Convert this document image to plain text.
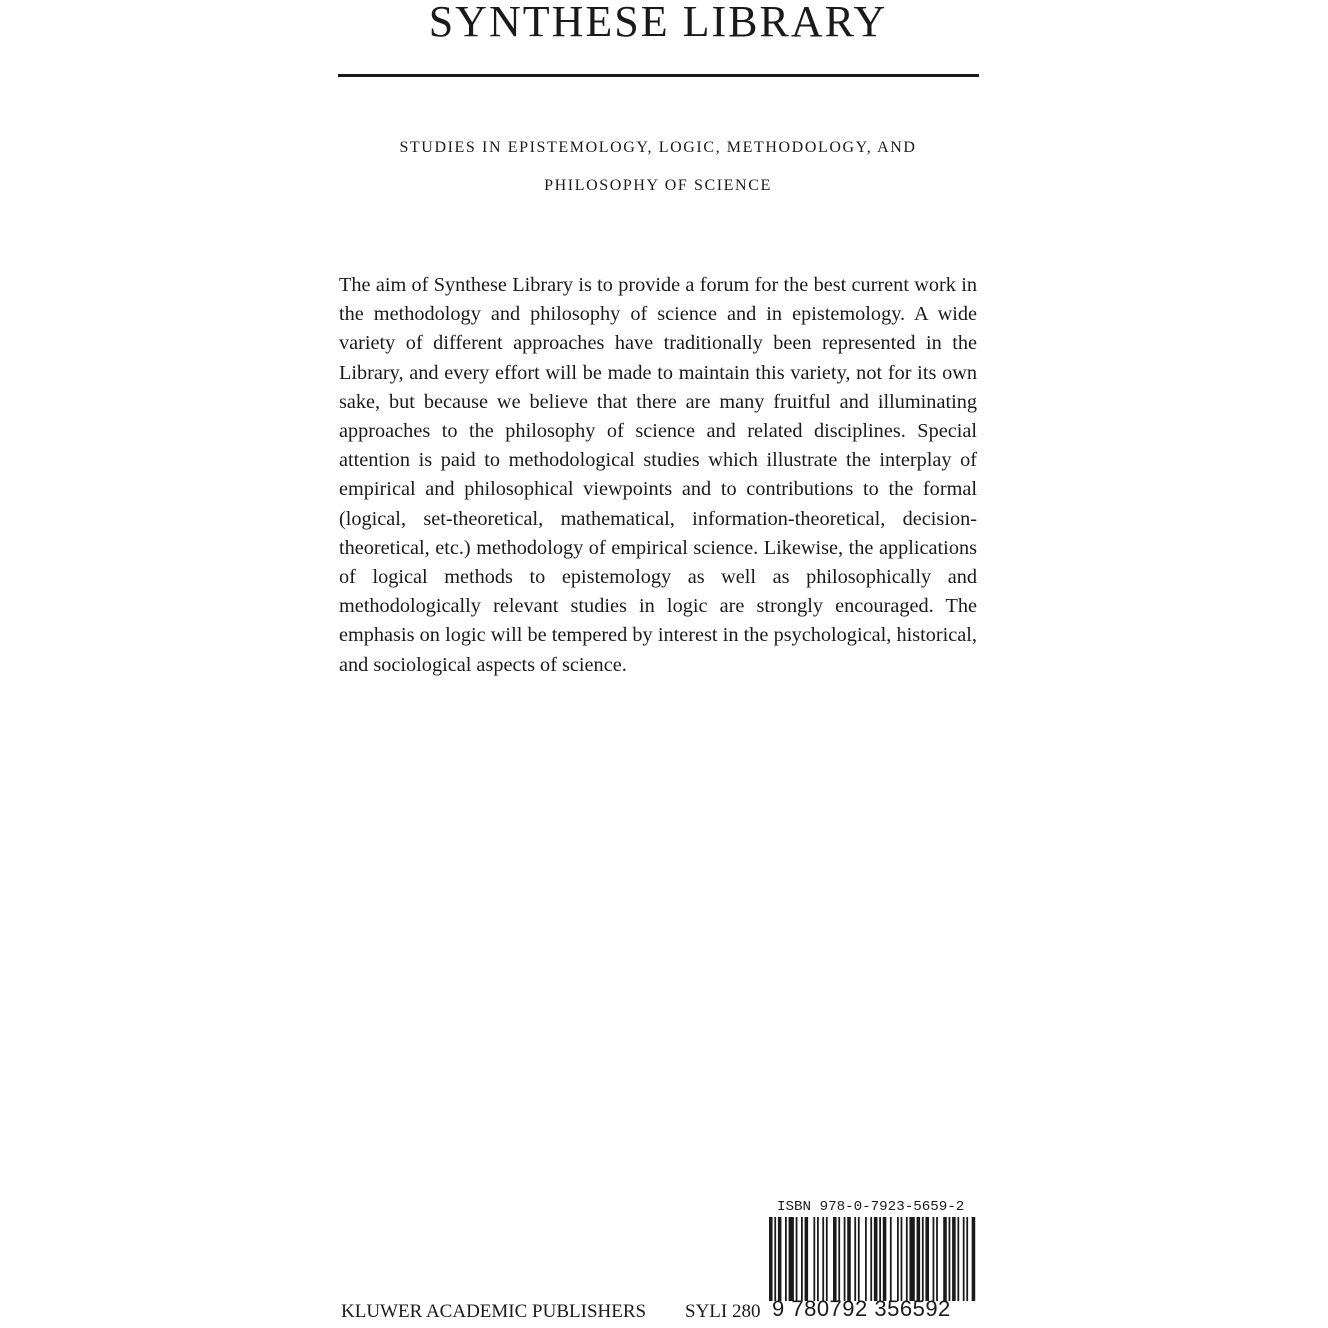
SYNTHESE LIBRARY

STUDIES IN EPISTEMOLOGY, LOGIC, METHODOLOGY, AND

PHILOSOPHY OF SCIENCE

The aim of Synthese Library is to provide a forum for the best current work in the methodology and philosophy of science and in epistemology. A wide variety of different approaches have traditionally been represented in the Library, and every effort will be made to maintain this variety, not for its own sake, but because we believe that there are many fruitful and illuminating approaches to the philosophy of science and related disciplines. Special attention is paid to methodological studies which illustrate the interplay of empirical and philosophical viewpoints and to contributions to the formal (logical, set-theoretical, mathematical, information-theoretical, decision-theoretical, etc.) methodology of empirical science. Likewise, the applications of logical methods to epistemology as well as philosophically and methodologically relevant studies in logic are strongly encouraged. The emphasis on logic will be tempered by interest in the psychological, historical, and sociological aspects of science.

ISBN 978-0-7923-5659-2
9 780792 356592
KLUWER ACADEMIC PUBLISHERS SYLI 280
